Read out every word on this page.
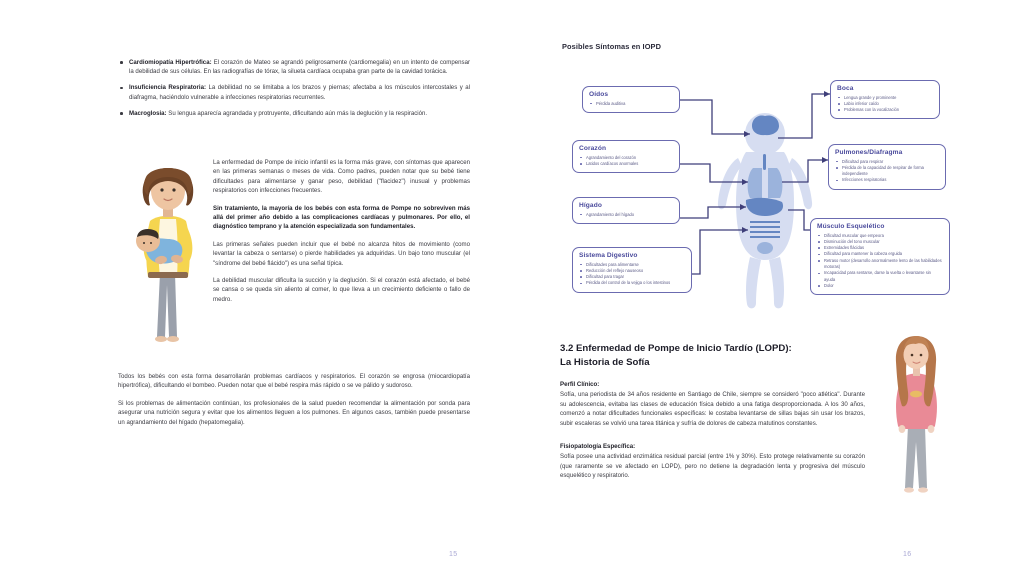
Cardiomiopatía Hipertrófica: El corazón de Mateo se agrandó peligrosamente (cardiomegalia) en un intento de compensar la debilidad de sus células. En las radiografías de tórax, la silueta cardíaca ocupaba gran parte de la cavidad torácica.
Insuficiencia Respiratoria: La debilidad no se limitaba a los brazos y piernas; afectaba a los músculos intercostales y al diafragma, haciéndolo vulnerable a infecciones respiratorias recurrentes.
Macroglosia: Su lengua aparecía agrandada y protruyente, dificultando aún más la deglución y la respiración.

La enfermedad de Pompe de inicio infantil es la forma más grave, con síntomas que aparecen en las primeras semanas o meses de vida. Como padres, pueden notar que su bebé tiene dificultades para alimentarse y ganar peso, debilidad ("flacidez") inusual y problemas respiratorios con infecciones frecuentes.

Sin tratamiento, la mayoría de los bebés con esta forma de Pompe no sobreviven más allá del primer año debido a las complicaciones cardíacas y pulmonares. Por ello, el diagnóstico temprano y la atención especializada son fundamentales.

Las primeras señales pueden incluir que el bebé no alcanza hitos de movimiento (como levantar la cabeza o sentarse) o pierde habilidades ya adquiridas. Un bajo tono muscular (el "síndrome del bebé flácido") es una señal típica.

La debilidad muscular dificulta la succión y la deglución. Si el corazón está afectado, el bebé se cansa o se queda sin aliento al comer, lo que lleva a un crecimiento deficiente o fallo de medro.

Todos los bebés con esta forma desarrollarán problemas cardíacos y respiratorios. El corazón se engrosa (miocardiopatía hipertrófica), dificultando el bombeo. Pueden notar que el bebé respira más rápido o se ve pálido y sudoroso.

Si los problemas de alimentación continúan, los profesionales de la salud pueden recomendar la alimentación por sonda para asegurar una nutrición segura y evitar que los alimentos lleguen a los pulmones. En algunos casos, también puede presentarse un agrandamiento del hígado (hepatomegalia).

15
Posibles Síntomas en IOPD
Oídos
Pérdida auditiva
Corazón
Agrandamiento del corazón
Latidos cardíacos anormales
Hígado
Agrandamiento del hígado
Sistema Digestivo
Dificultades para alimentarse
Reducción del reflejo nauseoso
Dificultad para tragar
Pérdida del control de la vejiga o los intestinos
Boca
Lengua grande y prominente
Labio inferior caído
Problemas con la vocalización
Pulmones/Diafragma
Dificultad para respirar
Pérdida de la capacidad de respirar de forma independiente
Infecciones respiratorias
Músculo Esquelético
Dificultad muscular que empeora
Disminución del tono muscular
Extremidades flácidas
Dificultad para mantener la cabeza erguida
Retraso motor (desarrollo anormalmente lento de las habilidades motoras)
Incapacidad para sentarse, darse la vuelta o levantarse sin ayuda
Dolor
3.2 Enfermedad de Pompe de Inicio Tardío (LOPD):
La Historia de Sofía

Perfil Clínico:
Sofía, una periodista de 34 años residente en Santiago de Chile, siempre se consideró "poco atlética". Durante su adolescencia, evitaba las clases de educación física debido a una fatiga desproporcionada. A los 30 años, comenzó a notar dificultades funcionales específicas: le costaba levantarse de sillas bajas sin usar los brazos, subir escaleras se volvió una tarea titánica y sufría de dolores de cabeza matutinos constantes.

Fisiopatología Específica:
Sofía posee una actividad enzimática residual parcial (entre 1% y 30%). Esto protege relativamente su corazón (que raramente se ve afectado en LOPD), pero no detiene la degradación lenta y progresiva del músculo esquelético y respiratorio.

16
